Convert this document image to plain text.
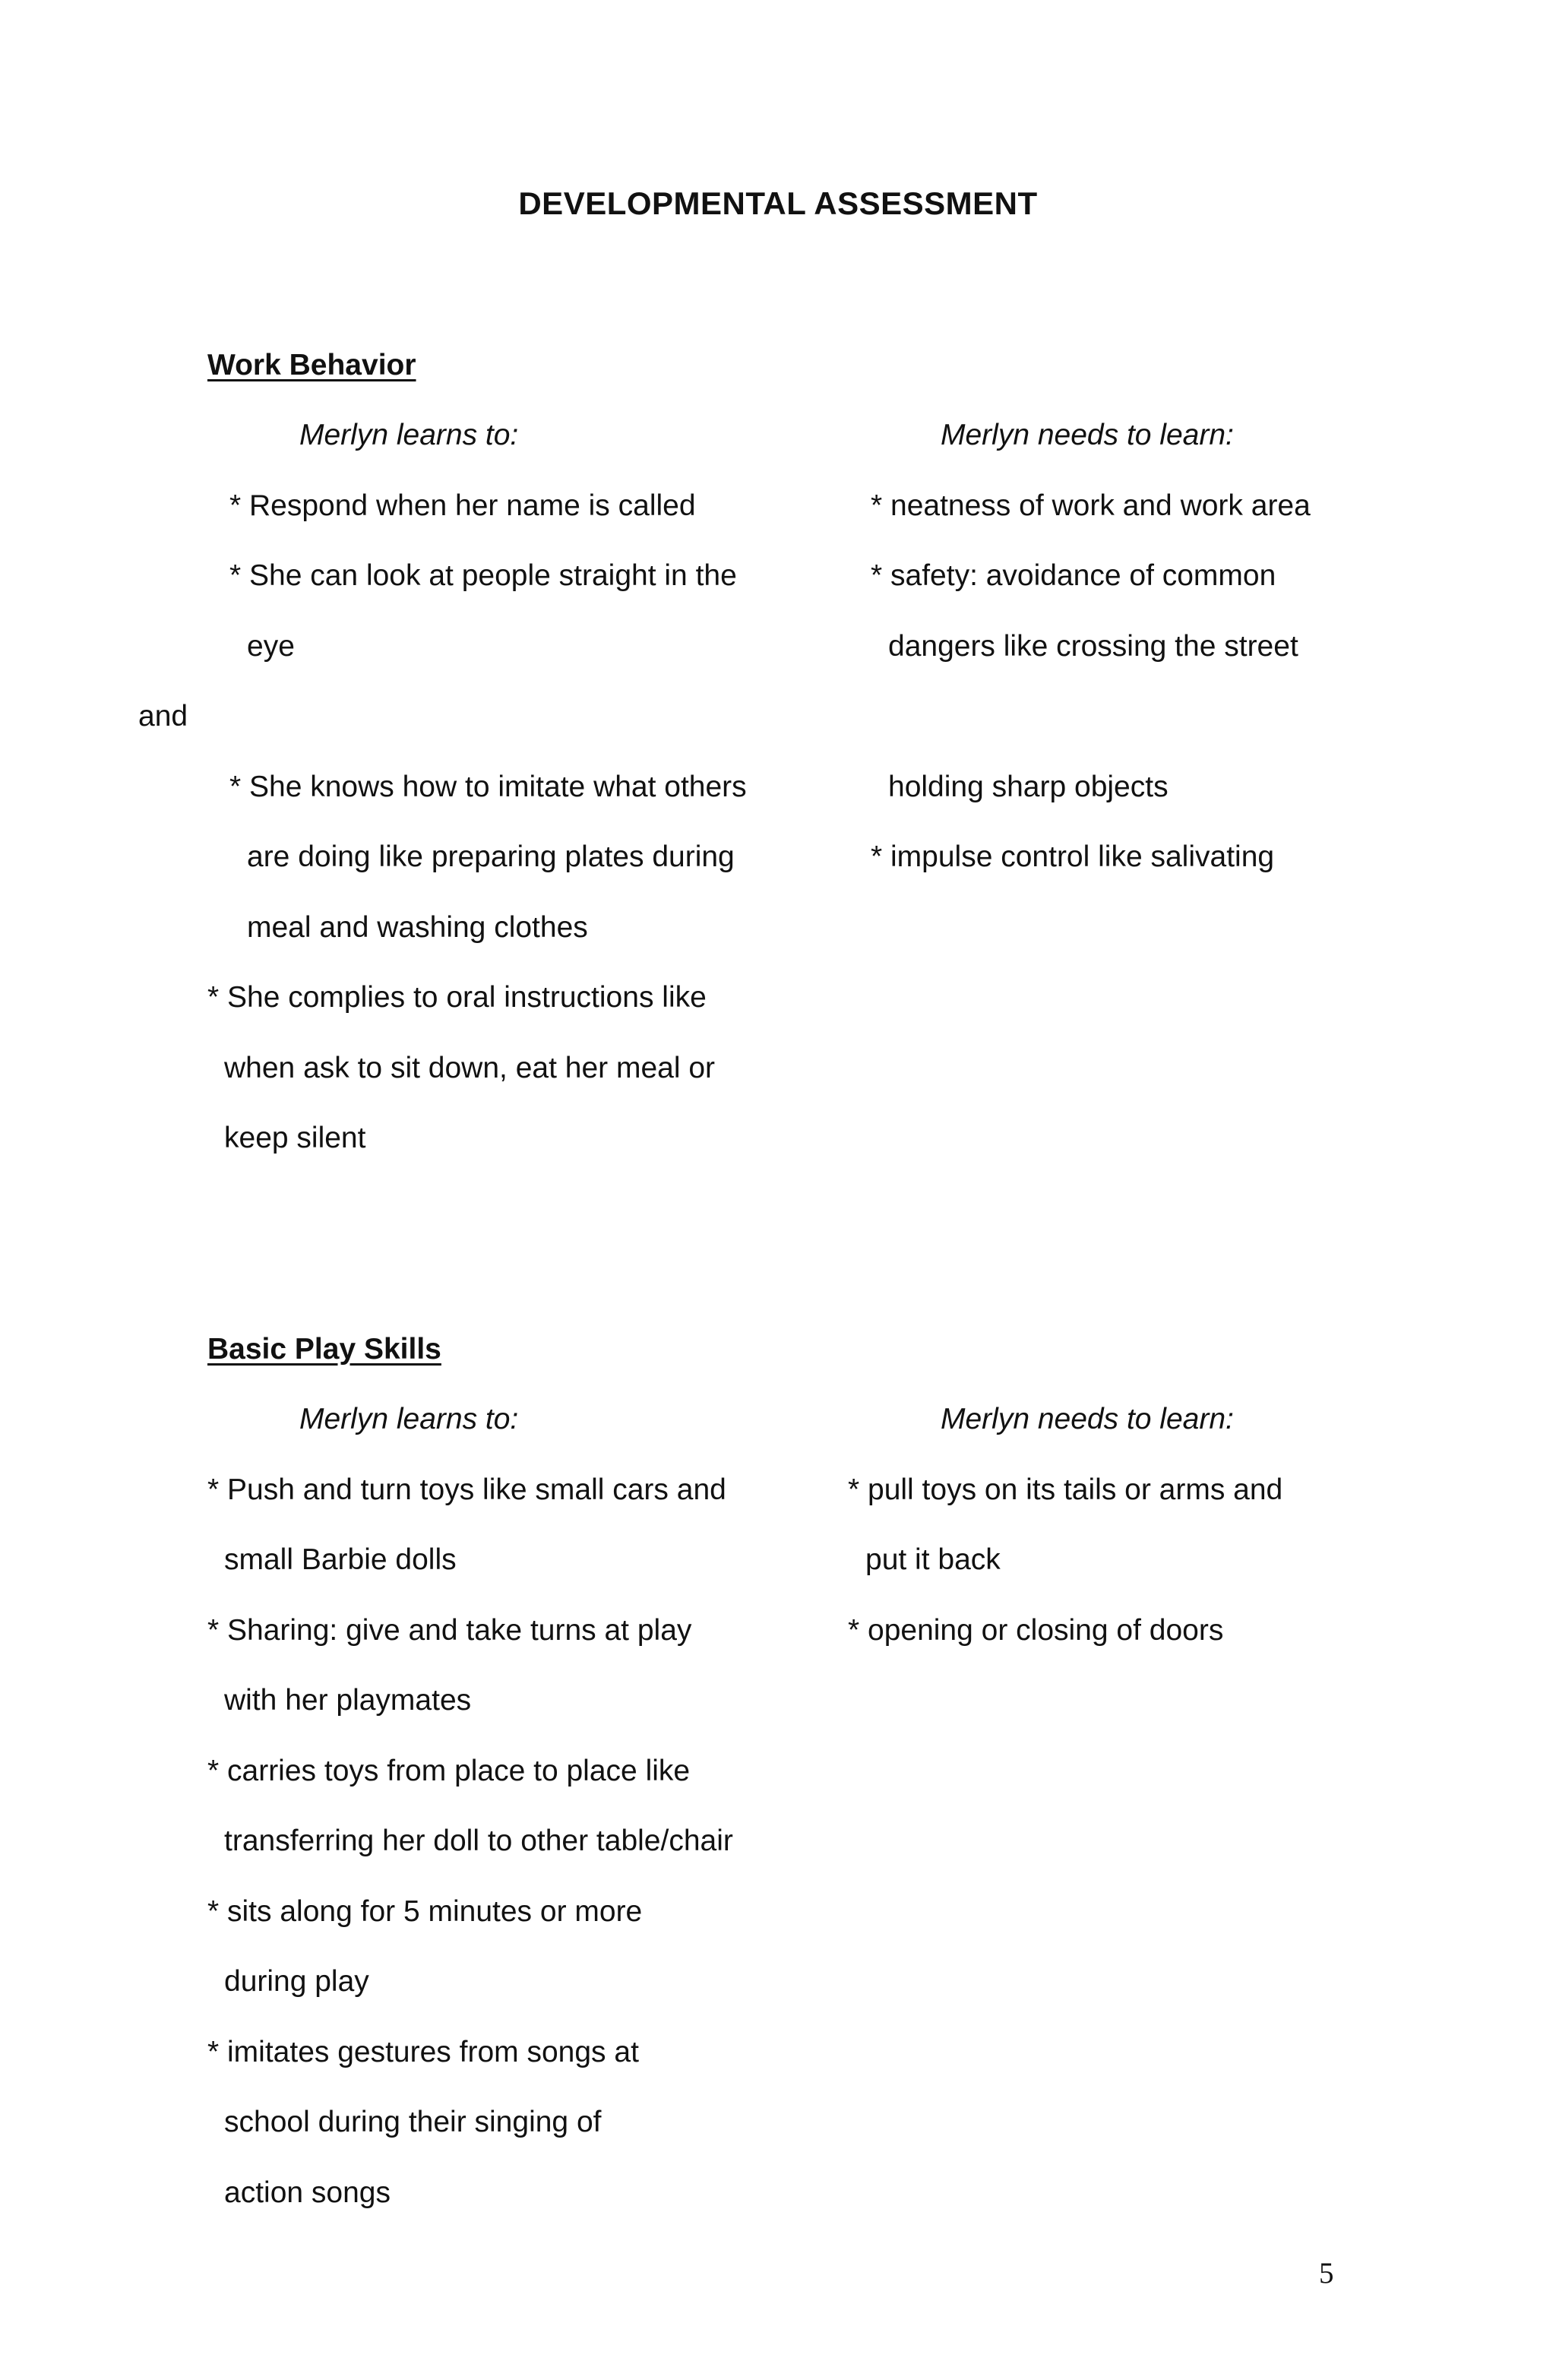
DEVELOPMENTAL ASSESSMENT
Work Behavior
Merlyn learns to:	Merlyn needs to learn:
* Respond when her name is called
* She can look at people straight in the
eye
and
* She knows how to imitate what others
are doing like preparing plates during
meal and washing clothes
* She complies to oral instructions like
when ask to sit down, eat her meal or
keep silent
* neatness of work and work area
* safety: avoidance of common
dangers like crossing the street
holding sharp objects
* impulse control like salivating
Basic Play Skills
Merlyn learns to:	Merlyn needs to learn:
* Push and turn toys like small cars and
small Barbie dolls
* Sharing: give and take turns at play
with her playmates
* carries toys from place to place like
transferring her doll to other table/chair
* sits along for 5 minutes or more
during play
* imitates gestures from songs at
school during their singing of
action songs
* pull toys on its tails or arms and
put it back
* opening or closing of doors
5
